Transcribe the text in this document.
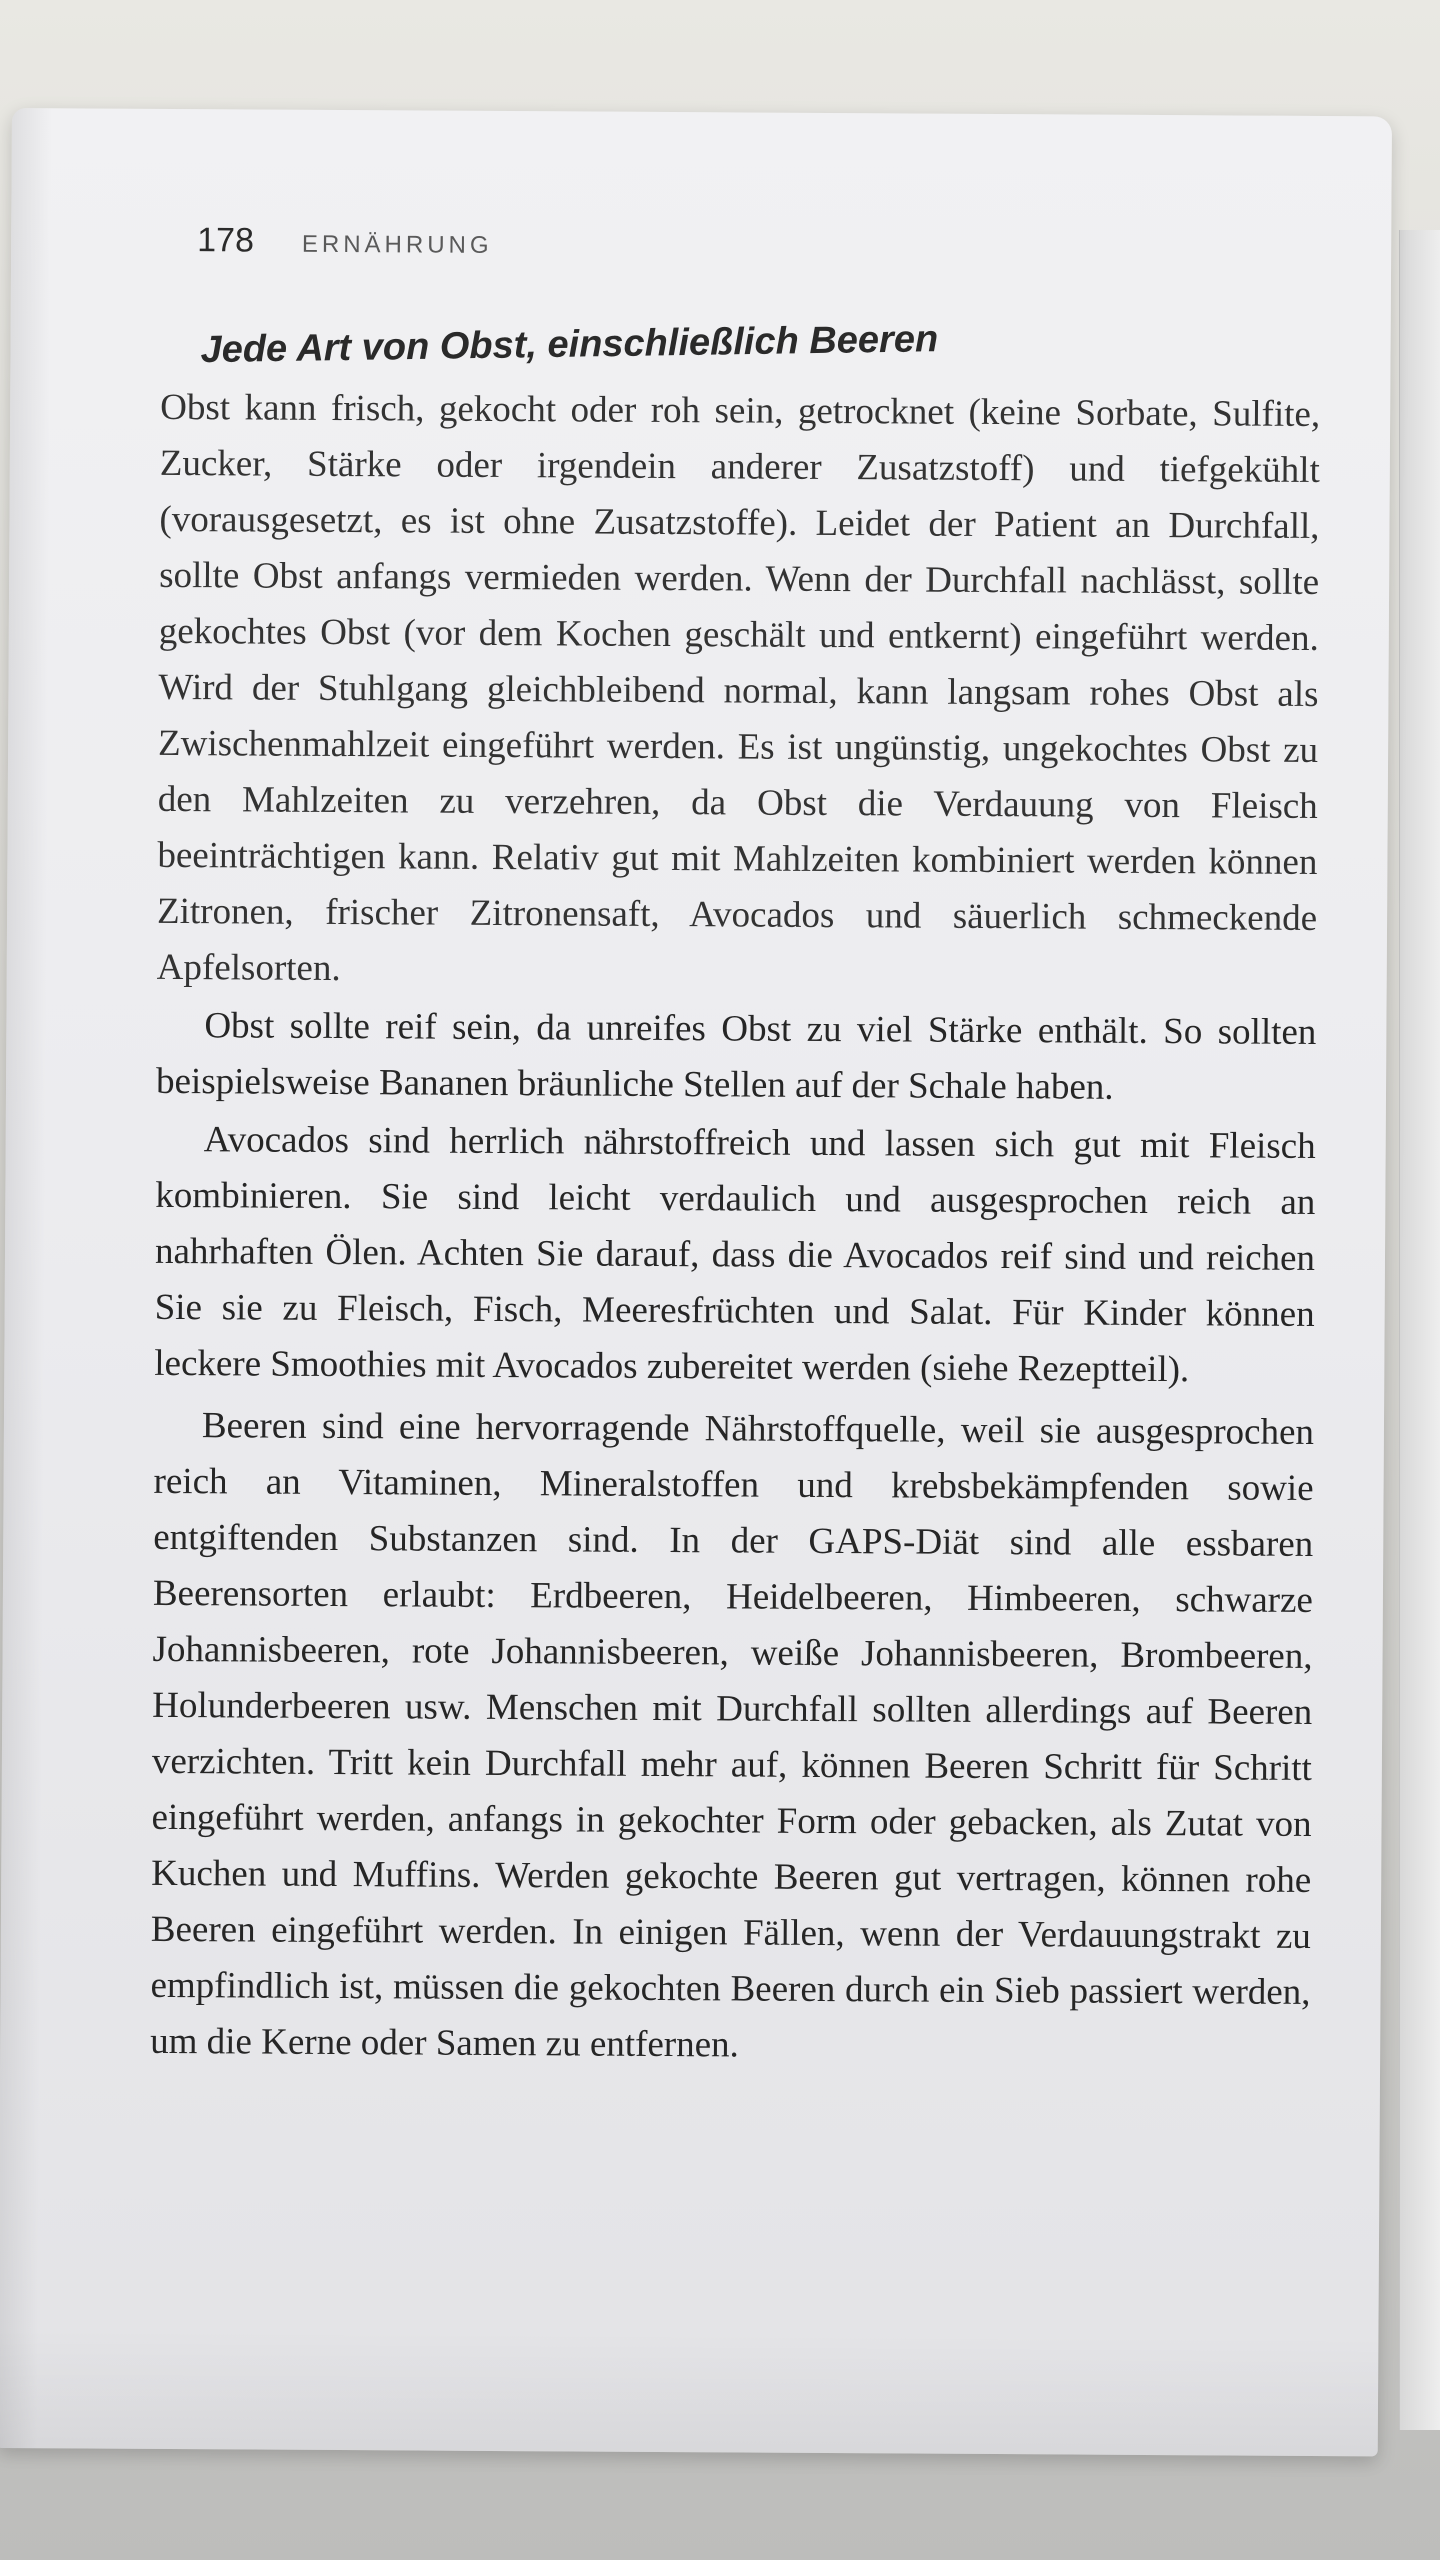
178 ERNÄHRUNG
Jede Art von Obst, einschließlich Beeren

Obst kann frisch, gekocht oder roh sein, getrocknet (keine Sorbate, Sulfite, Zucker, Stärke oder irgendein anderer Zusatzstoff) und tiefgekühlt (vorausgesetzt, es ist ohne Zusatzstoffe). Leidet der Patient an Durchfall, sollte Obst anfangs vermieden werden. Wenn der Durchfall nachlässt, sollte gekochtes Obst (vor dem Kochen geschält und entkernt) eingeführt werden. Wird der Stuhlgang gleichbleibend normal, kann langsam rohes Obst als Zwischenmahlzeit eingeführt werden. Es ist ungünstig, ungekochtes Obst zu den Mahlzeiten zu verzehren, da Obst die Verdauung von Fleisch beeinträchtigen kann. Relativ gut mit Mahlzeiten kombiniert werden können Zitronen, frischer Zitronensaft, Avocados und säuerlich schmeckende Apfelsorten.

Obst sollte reif sein, da unreifes Obst zu viel Stärke enthält. So sollten beispielsweise Bananen bräunliche Stellen auf der Schale haben.

Avocados sind herrlich nährstoffreich und lassen sich gut mit Fleisch kombinieren. Sie sind leicht verdaulich und ausgesprochen reich an nahrhaften Ölen. Achten Sie darauf, dass die Avocados reif sind und reichen Sie sie zu Fleisch, Fisch, Meeresfrüchten und Salat. Für Kinder können leckere Smoothies mit Avocados zubereitet werden (siehe Rezeptteil).

Beeren sind eine hervorragende Nährstoffquelle, weil sie ausgesprochen reich an Vitaminen, Mineralstoffen und krebsbekämpfenden sowie entgiftenden Substanzen sind. In der GAPS-Diät sind alle essbaren Beerensorten erlaubt: Erdbeeren, Heidelbeeren, Himbeeren, schwarze Johannisbeeren, rote Johannisbeeren, weiße Johannisbeeren, Brombeeren, Holunderbeeren usw. Menschen mit Durchfall sollten allerdings auf Beeren verzichten. Tritt kein Durchfall mehr auf, können Beeren Schritt für Schritt eingeführt werden, anfangs in gekochter Form oder gebacken, als Zutat von Kuchen und Muffins. Werden gekochte Beeren gut vertragen, können rohe Beeren eingeführt werden. In einigen Fällen, wenn der Verdauungstrakt zu empfindlich ist, müssen die gekochten Beeren durch ein Sieb passiert werden, um die Kerne oder Samen zu entfernen.
